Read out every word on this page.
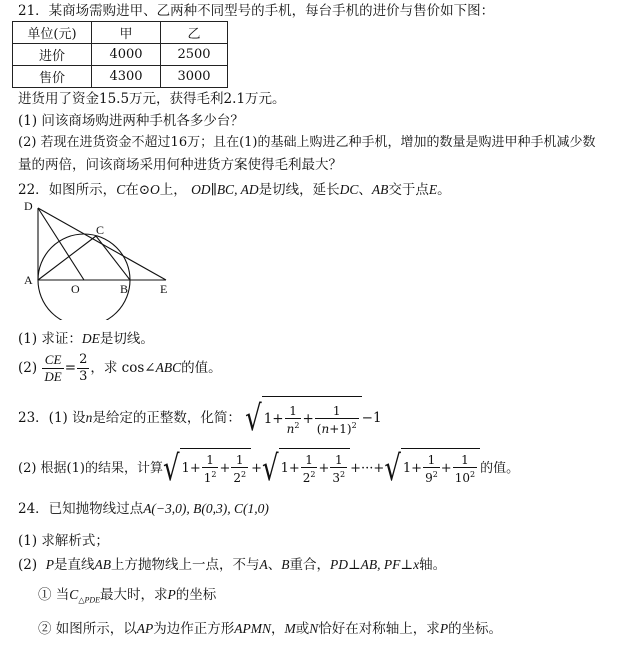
21．某商场需购进甲、乙两种不同型号的手机，每台手机的进价与售价如下图：
单位(元)	甲	乙
进价	4000	2500
售价	4300	3000
进货用了资金15.5万元，获得毛利2.1万元。
(1) 问该商场购进两种手机各多少台？
(2) 若现在进货资金不超过16万；且在(1)的基础上购进乙种手机，增加的数量是购进甲种手机减少数
量的两倍，问该商场采用何种进货方案使得毛利最大？
22．如图所示，C在⊙O上， OD∥BC, AD是切线，延长DC、AB交于点E。
D
C
A
O	B	E
(1) 求证：DE是切线。
$(2) \frac{CE}{DE} = \frac{2}{3}$ ，求 cos∠ABC的值。
23．(1) 设n是给定的正整数，化简： √ $1+ \frac{1}{n^2} + \frac{1}{(n+1)^2} -1$
(2) 根据(1)的结果，计算√ $1+ \frac{1}{1^2} + \frac{1}{2^2}$ +√ $1+ \frac{1}{2^2} + \frac{1}{3^2}$ +···+√ $1+ \frac{1}{9^2} + \frac{1}{10^2}$ 的值。
24．已知抛物线过点A(−3,0), B(0,3), C(1,0)
(1) 求解析式；
(2) P是直线AB上方抛物线上一点，不与A、B重合，PD⊥AB, PF⊥x轴。
① 当$C_{\triangle PDE}$最大时，求P的坐标
② 如图所示，以AP为边作正方形APMN，M或N恰好在对称轴上，求P的坐标。
